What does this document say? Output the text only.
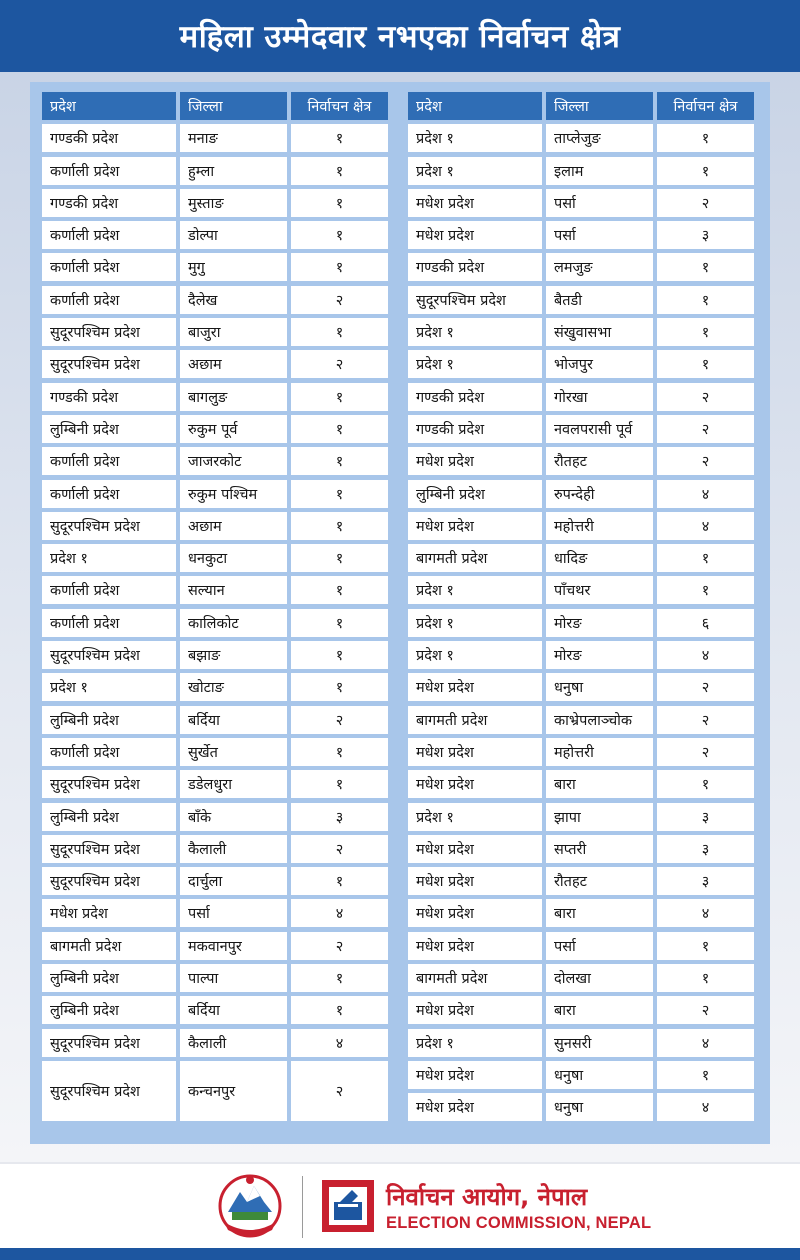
महिला उम्मेदवार नभएका निर्वाचन क्षेत्र
प्रदेश	जिल्ला	निर्वाचन क्षेत्र
गण्डकी प्रदेश	मनाङ	१
कर्णाली प्रदेश	हुम्ला	१
गण्डकी प्रदेश	मुस्ताङ	१
कर्णाली प्रदेश	डोल्पा	१
कर्णाली प्रदेश	मुगु	१
कर्णाली प्रदेश	दैलेख	२
सुदूरपश्चिम प्रदेश	बाजुरा	१
सुदूरपश्चिम प्रदेश	अछाम	२
गण्डकी प्रदेश	बागलुङ	१
लुम्बिनी प्रदेश	रुकुम पूर्व	१
कर्णाली प्रदेश	जाजरकोट	१
कर्णाली प्रदेश	रुकुम पश्चिम	१
सुदूरपश्चिम प्रदेश	अछाम	१
प्रदेश १	धनकुटा	१
कर्णाली प्रदेश	सल्यान	१
कर्णाली प्रदेश	कालिकोट	१
सुदूरपश्चिम प्रदेश	बझाङ	१
प्रदेश १	खोटाङ	१
लुम्बिनी प्रदेश	बर्दिया	२
कर्णाली प्रदेश	सुर्खेत	१
सुदूरपश्चिम प्रदेश	डडेलधुरा	१
लुम्बिनी प्रदेश	बाँके	३
सुदूरपश्चिम प्रदेश	कैलाली	२
सुदूरपश्चिम प्रदेश	दार्चुला	१
मधेश प्रदेश	पर्सा	४
बागमती प्रदेश	मकवानपुर	२
लुम्बिनी प्रदेश	पाल्पा	१
लुम्बिनी प्रदेश	बर्दिया	१
सुदूरपश्चिम प्रदेश	कैलाली	४
सुदूरपश्चिम प्रदेश	कन्चनपुर	२
प्रदेश	जिल्ला	निर्वाचन क्षेत्र
प्रदेश १	ताप्लेजुङ	१
प्रदेश १	इलाम	१
मधेश प्रदेश	पर्सा	२
मधेश प्रदेश	पर्सा	३
गण्डकी प्रदेश	लमजुङ	१
सुदूरपश्चिम प्रदेश	बैतडी	१
प्रदेश १	संखुवासभा	१
प्रदेश १	भोजपुर	१
गण्डकी प्रदेश	गोरखा	२
गण्डकी प्रदेश	नवलपरासी पूर्व	२
मधेश प्रदेश	रौतहट	२
लुम्बिनी प्रदेश	रुपन्देही	४
मधेश प्रदेश	महोत्तरी	४
बागमती प्रदेश	धादिङ	१
प्रदेश १	पाँचथर	१
प्रदेश १	मोरङ	६
प्रदेश १	मोरङ	४
मधेश प्रदेश	धनुषा	२
बागमती प्रदेश	काभ्रेपलाञ्चोक	२
मधेश प्रदेश	महोत्तरी	२
मधेश प्रदेश	बारा	१
प्रदेश १	झापा	३
मधेश प्रदेश	सप्तरी	३
मधेश प्रदेश	रौतहट	३
मधेश प्रदेश	बारा	४
मधेश प्रदेश	पर्सा	१
बागमती प्रदेश	दोलखा	१
मधेश प्रदेश	बारा	२
प्रदेश १	सुनसरी	४
मधेश प्रदेश	धनुषा	१
मधेश प्रदेश	धनुषा	४
निर्वाचन आयोग, नेपाल
ELECTION COMMISSION, NEPAL
